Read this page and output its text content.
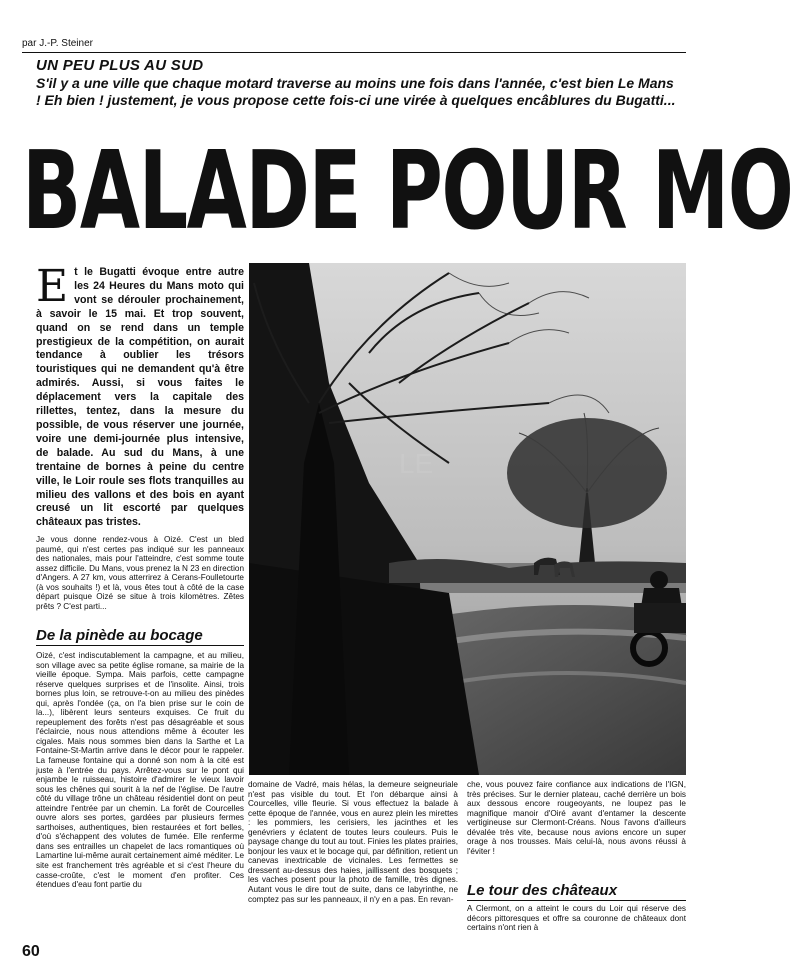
par J.-P. Steiner
UN PEU PLUS AU SUD
S'il y a une ville que chaque motard traverse au moins une fois dans l'année, c'est bien Le Mans ! Eh bien ! justement, je vous propose cette fois-ci une virée à quelques encâblures du Bugatti...
BALADE POUR MO
Et le Bugatti évoque entre autre les 24 Heures du Mans moto qui vont se dérouler prochainement, à savoir le 15 mai. Et trop souvent, quand on se rend dans un temple prestigieux de la compétition, on aurait tendance à oublier les trésors touristiques qui ne demandent qu'à être admirés. Aussi, si vous faites le déplacement vers la capitale des rillettes, tentez, dans la mesure du possible, de vous réserver une journée, voire une demi-journée plus intensive, de balade. Au sud du Mans, à une trentaine de bornes à peine du centre ville, le Loir roule ses flots tranquilles au milieu des vallons et des bois en ayant creusé un lit escorté par quelques châteaux pas tristes.
Je vous donne rendez-vous à Oizé. C'est un bled paumé, qui n'est certes pas indiqué sur les panneaux des nationales, mais pour l'atteindre, c'est somme toute assez difficile. Du Mans, vous prenez la N 23 en direction d'Angers. A 27 km, vous atterrirez à Cerans-Foulletourte (à vos souhaits !) et là, vous êtes tout à côté de la case départ puisque Oizé se situe à trois kilomètres. Zêtes prêts ? C'est parti...
De la pinède au bocage
Oizé, c'est indiscutablement la campagne, et au milieu, son village avec sa petite église romane, sa mairie de la vieille époque. Sympa. Mais parfois, cette campagne réserve quelques surprises et de l'insolite. Ainsi, trois bornes plus loin, se retrouve-t-on au milieu des pinèdes qui, après l'ondée (ça, on l'a bien prise sur le coin de la...), libèrent leurs senteurs exquises. Ce fruit du repeuplement des forêts n'est pas désagréable et sous l'éclaircie, nous nous attendions même à écouter les cigales. Mais nous sommes bien dans la Sarthe et La Fontaine-St-Martin arrive dans le décor pour le rappeler. La fameuse fontaine qui a donné son nom à la cité est juste à l'entrée du pays. Arrêtez-vous sur le pont qui enjambe le ruisseau, histoire d'admirer le vieux lavoir sous les chênes qui sourit à la nef de l'église. De l'autre côté du village trône un château résidentiel dont on peut atteindre l'entrée par un chemin. La forêt de Courcelles ouvre alors ses portes, gardées par plusieurs fermes sarthoises, authentiques, bien restaurées et fort belles, d'où s'échappent des volutes de fumée. Elle renferme dans ses entrailles un chapelet de lacs romantiques où Lamartine lui-même aurait certainement aimé méditer. Le site est franchement très agréable et si c'est l'heure du casse-croûte, c'est le moment d'en profiter. Ces étendues d'eau font partie du
LE
domaine de Vadré, mais hélas, la demeure seigneuriale n'est pas visible du tout. Et l'on débarque ainsi à Courcelles, ville fleurie. Si vous effectuez la balade à cette époque de l'année, vous en aurez plein les mirettes : les pommiers, les cerisiers, les jacinthes et les genévriers y éclatent de toutes leurs couleurs. Puis le paysage change du tout au tout. Finies les plates prairies, bonjour les vaux et le bocage qui, par définition, retient un canevas inextricable de vicinales. Les fermettes se dressent au-dessus des haies, jaillissent des bosquets ; les vaches posent pour la photo de famille, très dignes. Autant vous le dire tout de suite, dans ce labyrinthe, ne comptez pas sur les panneaux, il n'y en a pas. En revan-
che, vous pouvez faire confiance aux indications de l'IGN, très précises. Sur le dernier plateau, caché derrière un bois aux dessous encore rougeoyants, ne loupez pas le magnifique manoir d'Oiré avant d'entamer la descente vertigineuse sur Clermont-Créans. Nous l'avons d'ailleurs dévalée très vite, because nous avions encore un super orage à nos trousses. Mais celui-là, nous avons réussi à l'éviter !
Le tour des châteaux
A Clermont, on a atteint le cours du Loir qui réserve des décors pittoresques et offre sa couronne de châteaux dont certains n'ont rien à
60
